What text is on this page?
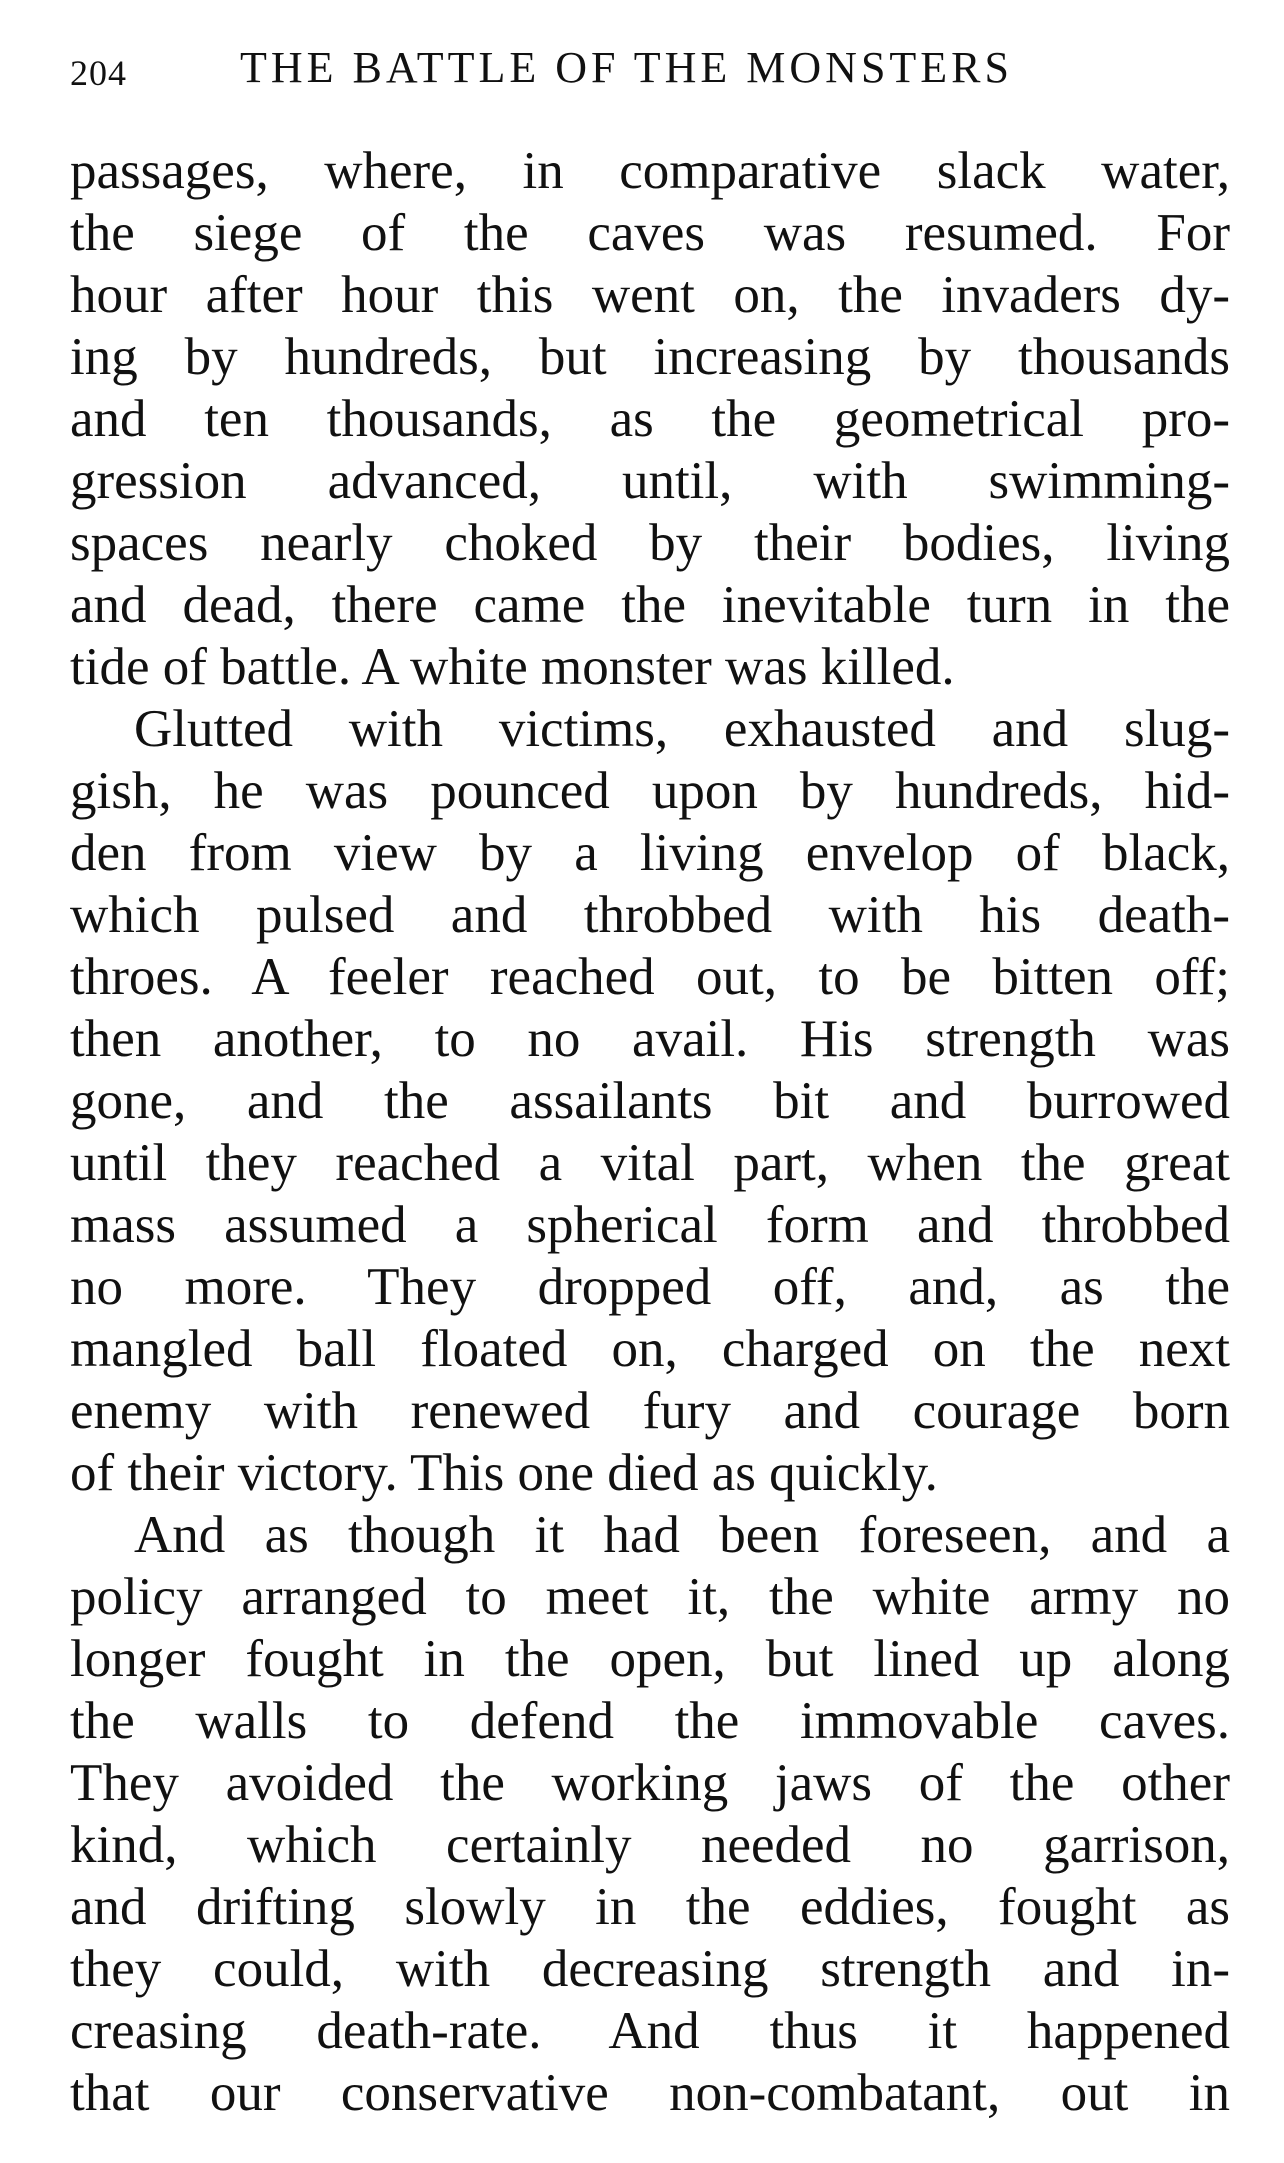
204	THE BATTLE OF THE MONSTERS
passages, where, in comparative slack water,
the siege of the caves was resumed. For
hour after hour this went on, the invaders dy-
ing by hundreds, but increasing by thousands
and ten thousands, as the geometrical pro-
gression advanced, until, with swimming-
spaces nearly choked by their bodies, living
and dead, there came the inevitable turn in the
tide of battle. A white monster was killed.
Glutted with victims, exhausted and slug-
gish, he was pounced upon by hundreds, hid-
den from view by a living envelop of black,
which pulsed and throbbed with his death-
throes. A feeler reached out, to be bitten off;
then another, to no avail. His strength was
gone, and the assailants bit and burrowed
until they reached a vital part, when the great
mass assumed a spherical form and throbbed
no more. They dropped off, and, as the
mangled ball floated on, charged on the next
enemy with renewed fury and courage born
of their victory. This one died as quickly.
And as though it had been foreseen, and a
policy arranged to meet it, the white army no
longer fought in the open, but lined up along
the walls to defend the immovable caves.
They avoided the working jaws of the other
kind, which certainly needed no garrison,
and drifting slowly in the eddies, fought as
they could, with decreasing strength and in-
creasing death-rate. And thus it happened
that our conservative non-combatant, out in
